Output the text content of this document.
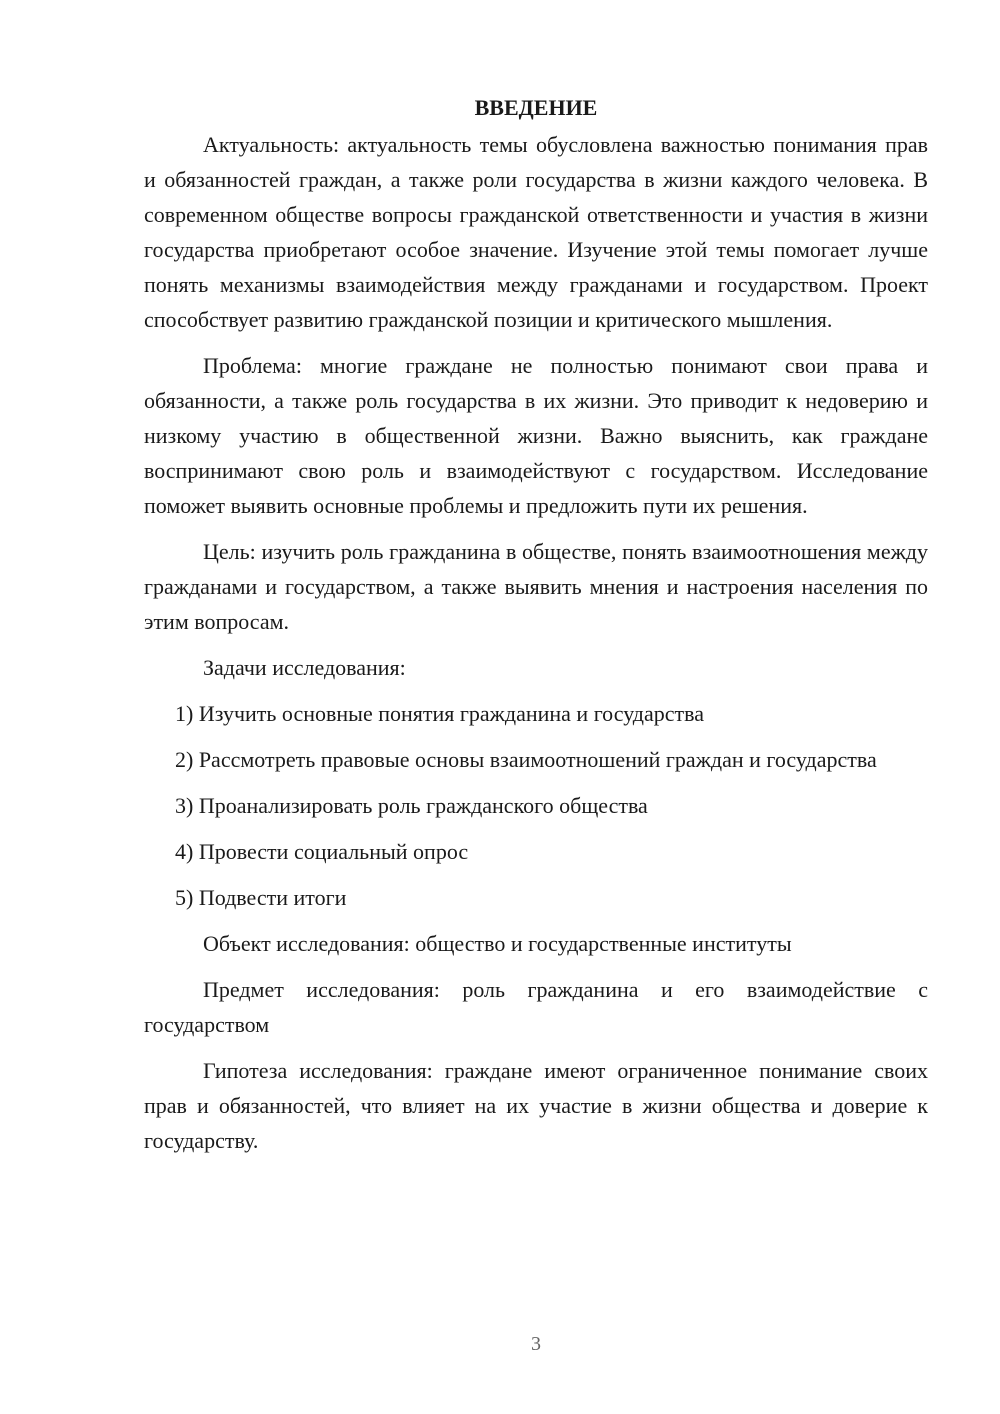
ВВЕДЕНИЕ

Актуальность: актуальность темы обусловлена важностью понимания прав и обязанностей граждан, а также роли государства в жизни каждого человека. В современном обществе вопросы гражданской ответственности и участия в жизни государства приобретают особое значение. Изучение этой темы помогает лучше понять механизмы взаимодействия между гражданами и государством. Проект способствует развитию гражданской позиции и критического мышления.

Проблема: многие граждане не полностью понимают свои права и обязанности, а также роль государства в их жизни. Это приводит к недоверию и низкому участию в общественной жизни. Важно выяснить, как граждане воспринимают свою роль и взаимодействуют с государством. Исследование поможет выявить основные проблемы и предложить пути их решения.

Цель: изучить роль гражданина в обществе, понять взаимоотношения между гражданами и государством, а также выявить мнения и настроения населения по этим вопросам.

Задачи исследования:

1) Изучить основные понятия гражданина и государства

2) Рассмотреть правовые основы взаимоотношений граждан и государства

3) Проанализировать роль гражданского общества

4) Провести социальный опрос

5) Подвести итоги

Объект исследования: общество и государственные институты

Предмет исследования: роль гражданина и его взаимодействие с государством

Гипотеза исследования: граждане имеют ограниченное понимание своих прав и обязанностей, что влияет на их участие в жизни общества и доверие к государству.

3
